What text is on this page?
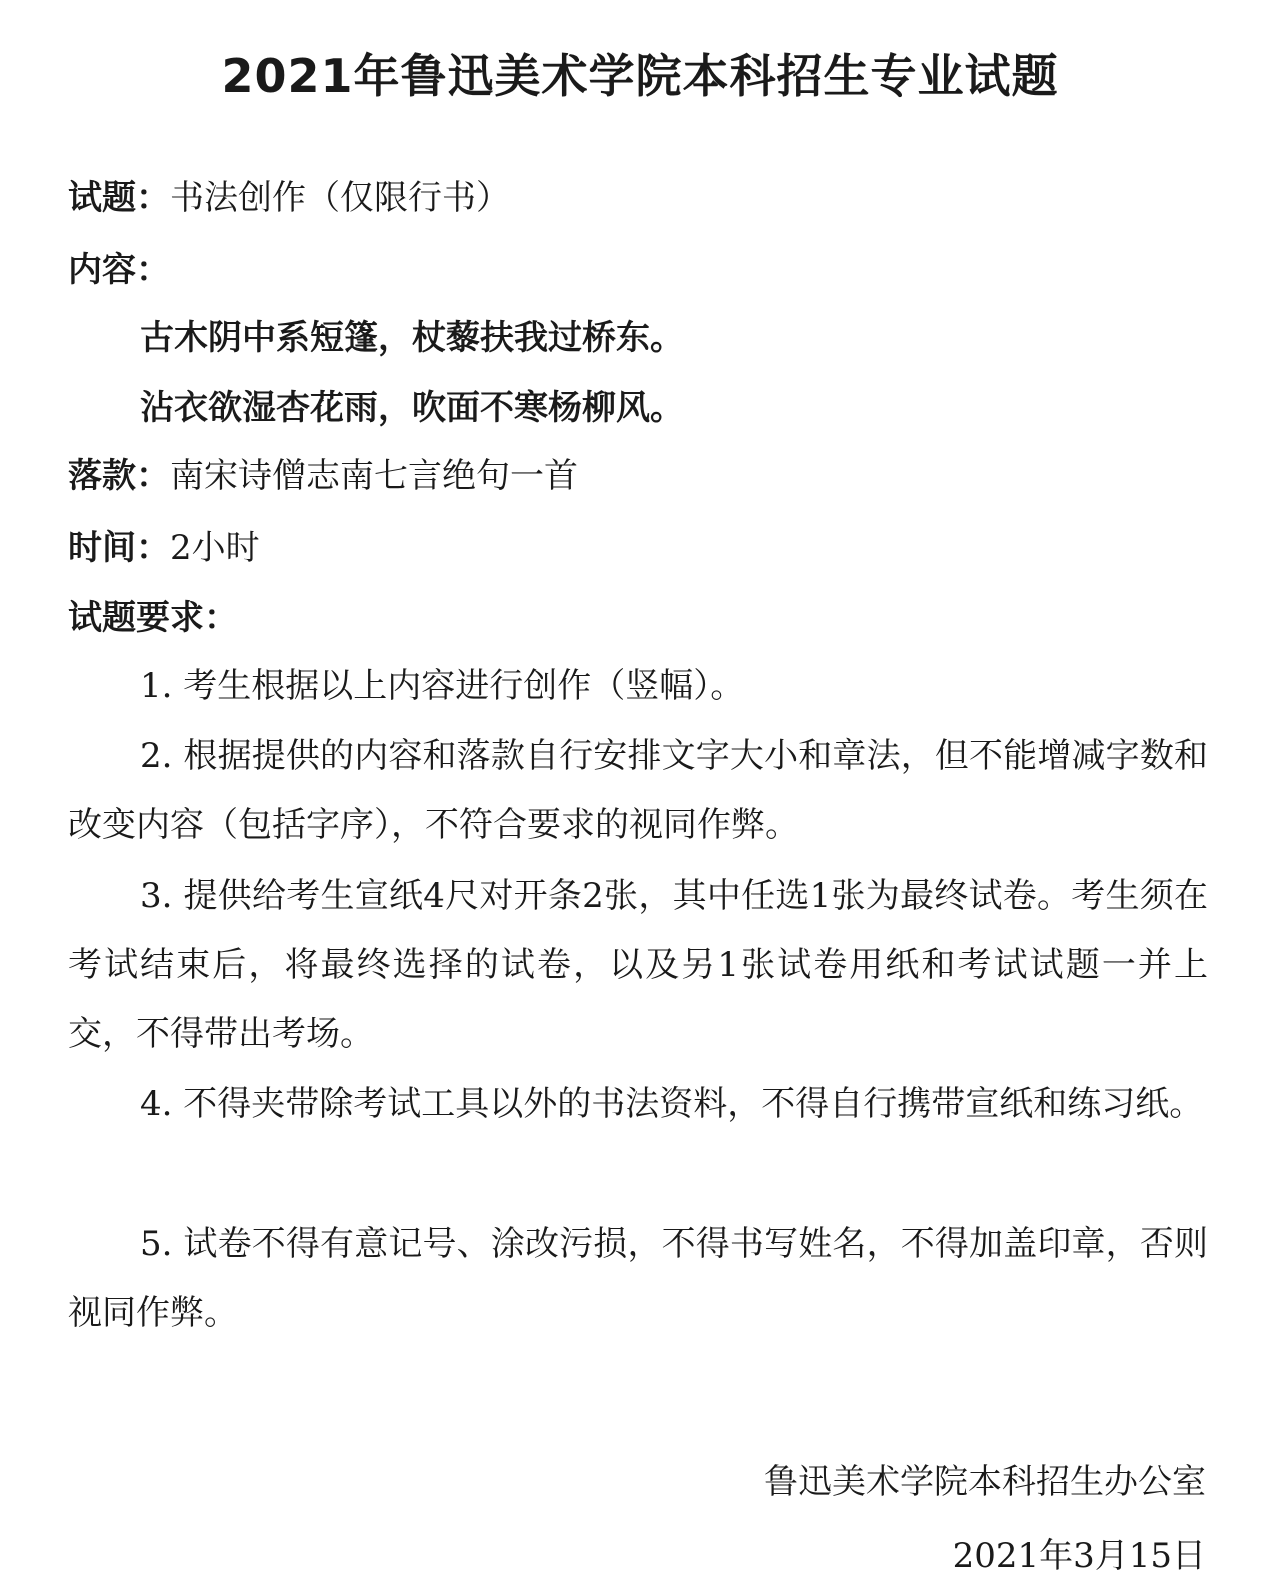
2021年鲁迅美术学院本科招生专业试题
试题：书法创作（仅限行书）
内容：
古木阴中系短篷，杖藜扶我过桥东。
沾衣欲湿杏花雨，吹面不寒杨柳风。
落款：南宋诗僧志南七言绝句一首
时间：2小时
试题要求：
1. 考生根据以上内容进行创作（竖幅）。
2. 根据提供的内容和落款自行安排文字大小和章法，但不能增减字数和改变内容（包括字序），不符合要求的视同作弊。
3. 提供给考生宣纸4尺对开条2张，其中任选1张为最终试卷。考生须在考试结束后，将最终选择的试卷，以及另1张试卷用纸和考试试题一并上交，不得带出考场。
4. 不得夹带除考试工具以外的书法资料，不得自行携带宣纸和练习纸。
5. 试卷不得有意记号、涂改污损，不得书写姓名，不得加盖印章，否则视同作弊。
鲁迅美术学院本科招生办公室
2021年3月15日
